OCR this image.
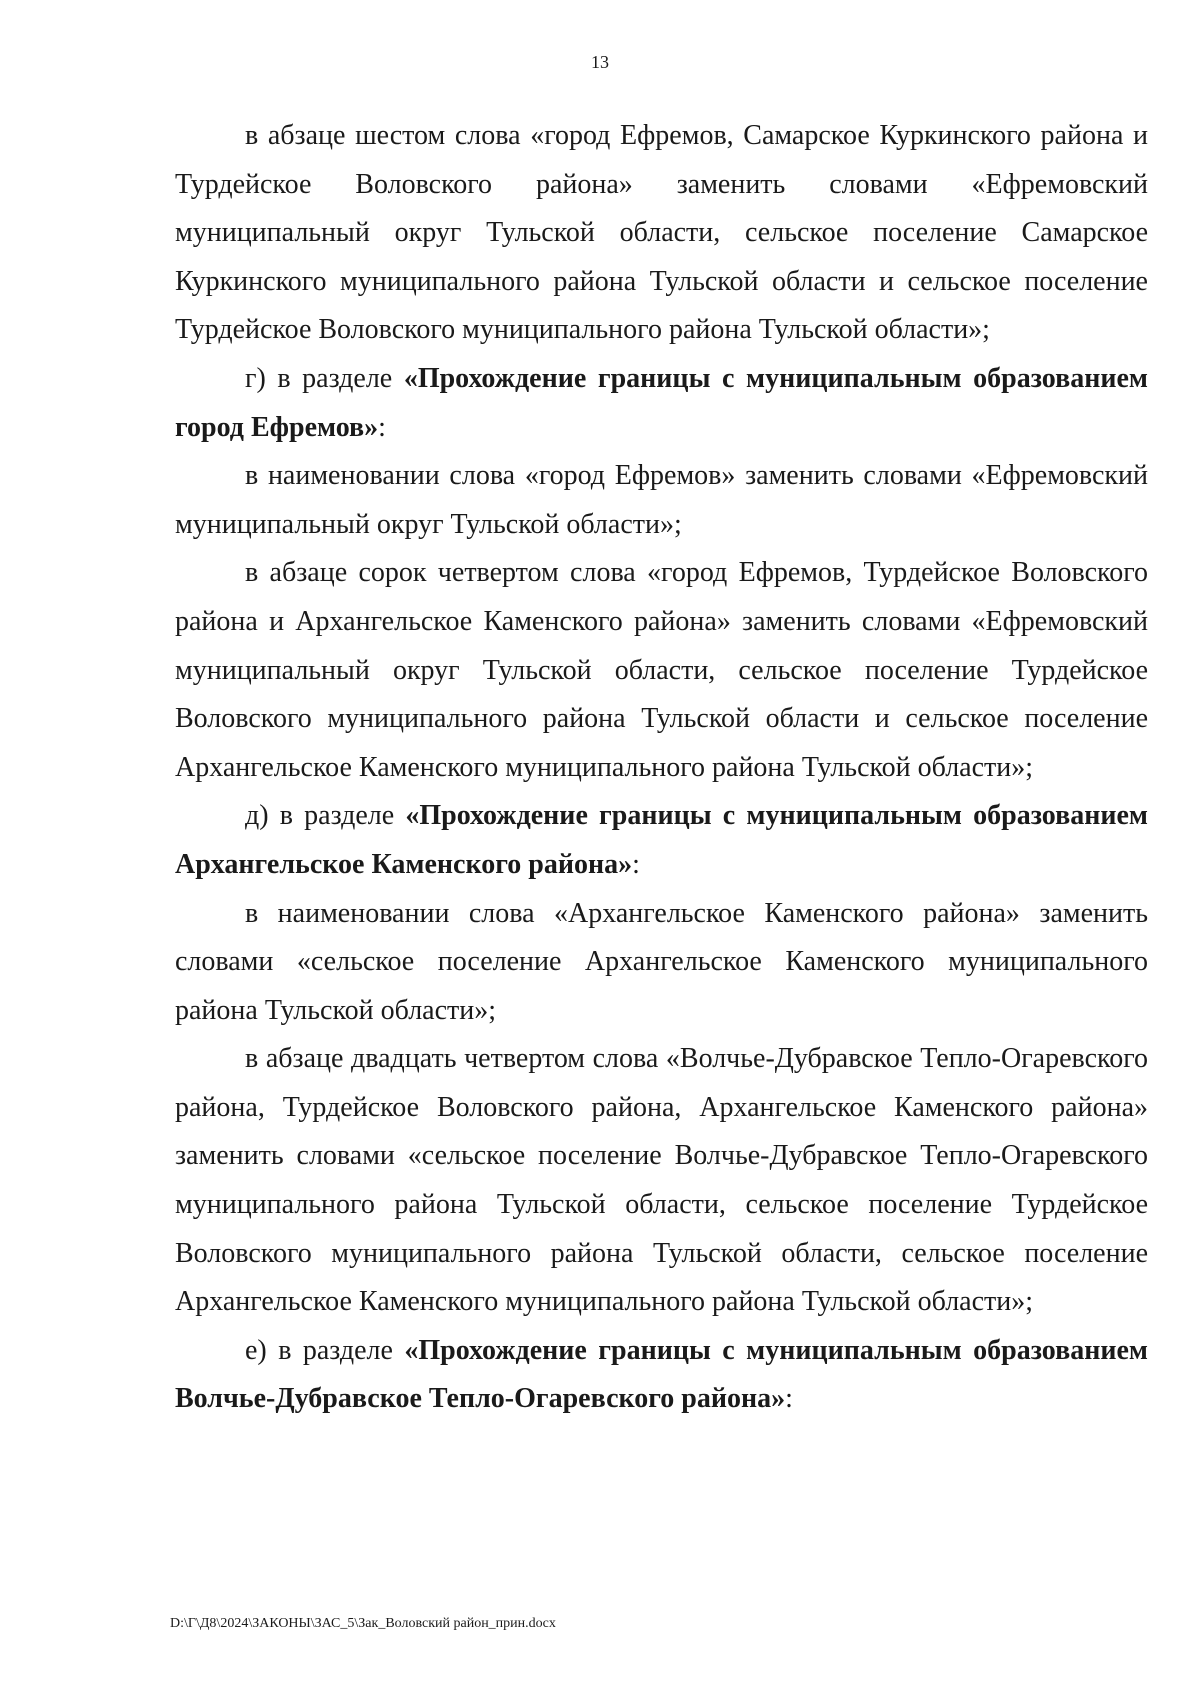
13

в абзаце шестом слова «город Ефремов, Самарское Куркинского района и Турдейское Воловского района» заменить словами «Ефремовский муниципальный округ Тульской области, сельское поселение Самарское Куркинского муниципального района Тульской области и сельское поселение Турдейское Воловского муниципального района Тульской области»;

г) в разделе «Прохождение границы с муниципальным образованием город Ефремов»:

в наименовании слова «город Ефремов» заменить словами «Ефремовский муниципальный округ Тульской области»;

в абзаце сорок четвертом слова «город Ефремов, Турдейское Воловского района и Архангельское Каменского района» заменить словами «Ефремовский муниципальный округ Тульской области, сельское поселение Турдейское Воловского муниципального района Тульской области и сельское поселение Архангельское Каменского муниципального района Тульской области»;

д) в разделе «Прохождение границы с муниципальным образованием Архангельское Каменского района»:

в наименовании слова «Архангельское Каменского района» заменить словами «сельское поселение Архангельское Каменского муниципального района Тульской области»;

в абзаце двадцать четвертом слова «Волчье-Дубравское Тепло-Огаревского района, Турдейское Воловского района, Архангельское Каменского района» заменить словами «сельское поселение Волчье-Дубравское Тепло-Огаревского муниципального района Тульской области, сельское поселение Турдейское Воловского муниципального района Тульской области, сельское поселение Архангельское Каменского муниципального района Тульской области»;

е) в разделе «Прохождение границы с муниципальным образованием Волчье-Дубравское Тепло-Огаревского района»:

D:\Г\Д8\2024\ЗАКОНЫ\ЗАС_5\Зак_Воловский район_прин.docx
